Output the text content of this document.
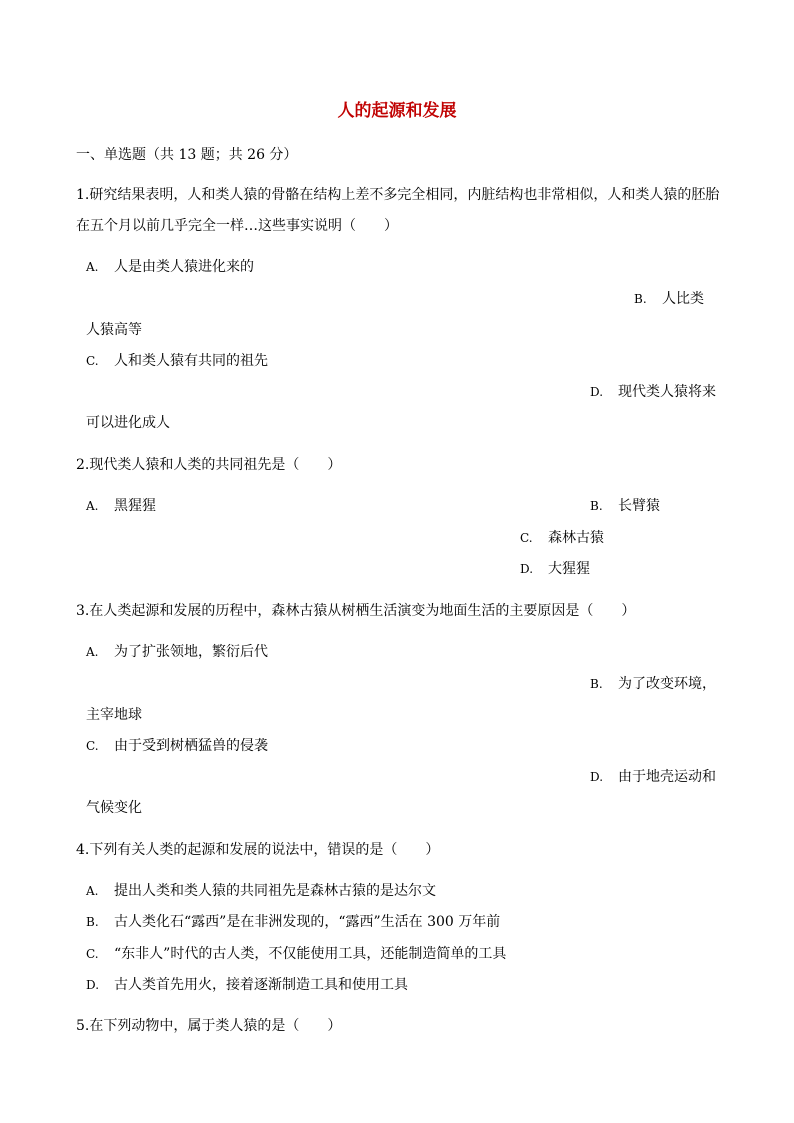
人的起源和发展
一、单选题（共 13 题；共 26 分）
1.研究结果表明，人和类人猿的骨骼在结构上差不多完全相同，内脏结构也非常相似，人和类人猿的胚胎
在五个月以前几乎完全一样…这些事实说明（　　）
A. 人是由类人猿进化来的
B. 人比类
人猿高等
C. 人和类人猿有共同的祖先
D. 现代类人猿将来
可以进化成人
2.现代类人猿和人类的共同祖先是（　　）
A. 黑猩猩	B. 长臂猿
C. 森林古猿
D. 大猩猩
3.在人类起源和发展的历程中，森林古猿从树栖生活演变为地面生活的主要原因是（　　）
A. 为了扩张领地，繁衍后代
B. 为了改变环境，
主宰地球
C. 由于受到树栖猛兽的侵袭
D. 由于地壳运动和
气候变化
4.下列有关人类的起源和发展的说法中，错误的是（　　）
A. 提出人类和类人猿的共同祖先是森林古猿的是达尔文
B. 古人类化石“露西”是在非洲发现的，“露西”生活在 300 万年前
C. “东非人”时代的古人类，不仅能使用工具，还能制造简单的工具
D. 古人类首先用火，接着逐渐制造工具和使用工具
5.在下列动物中，属于类人猿的是（　　）
